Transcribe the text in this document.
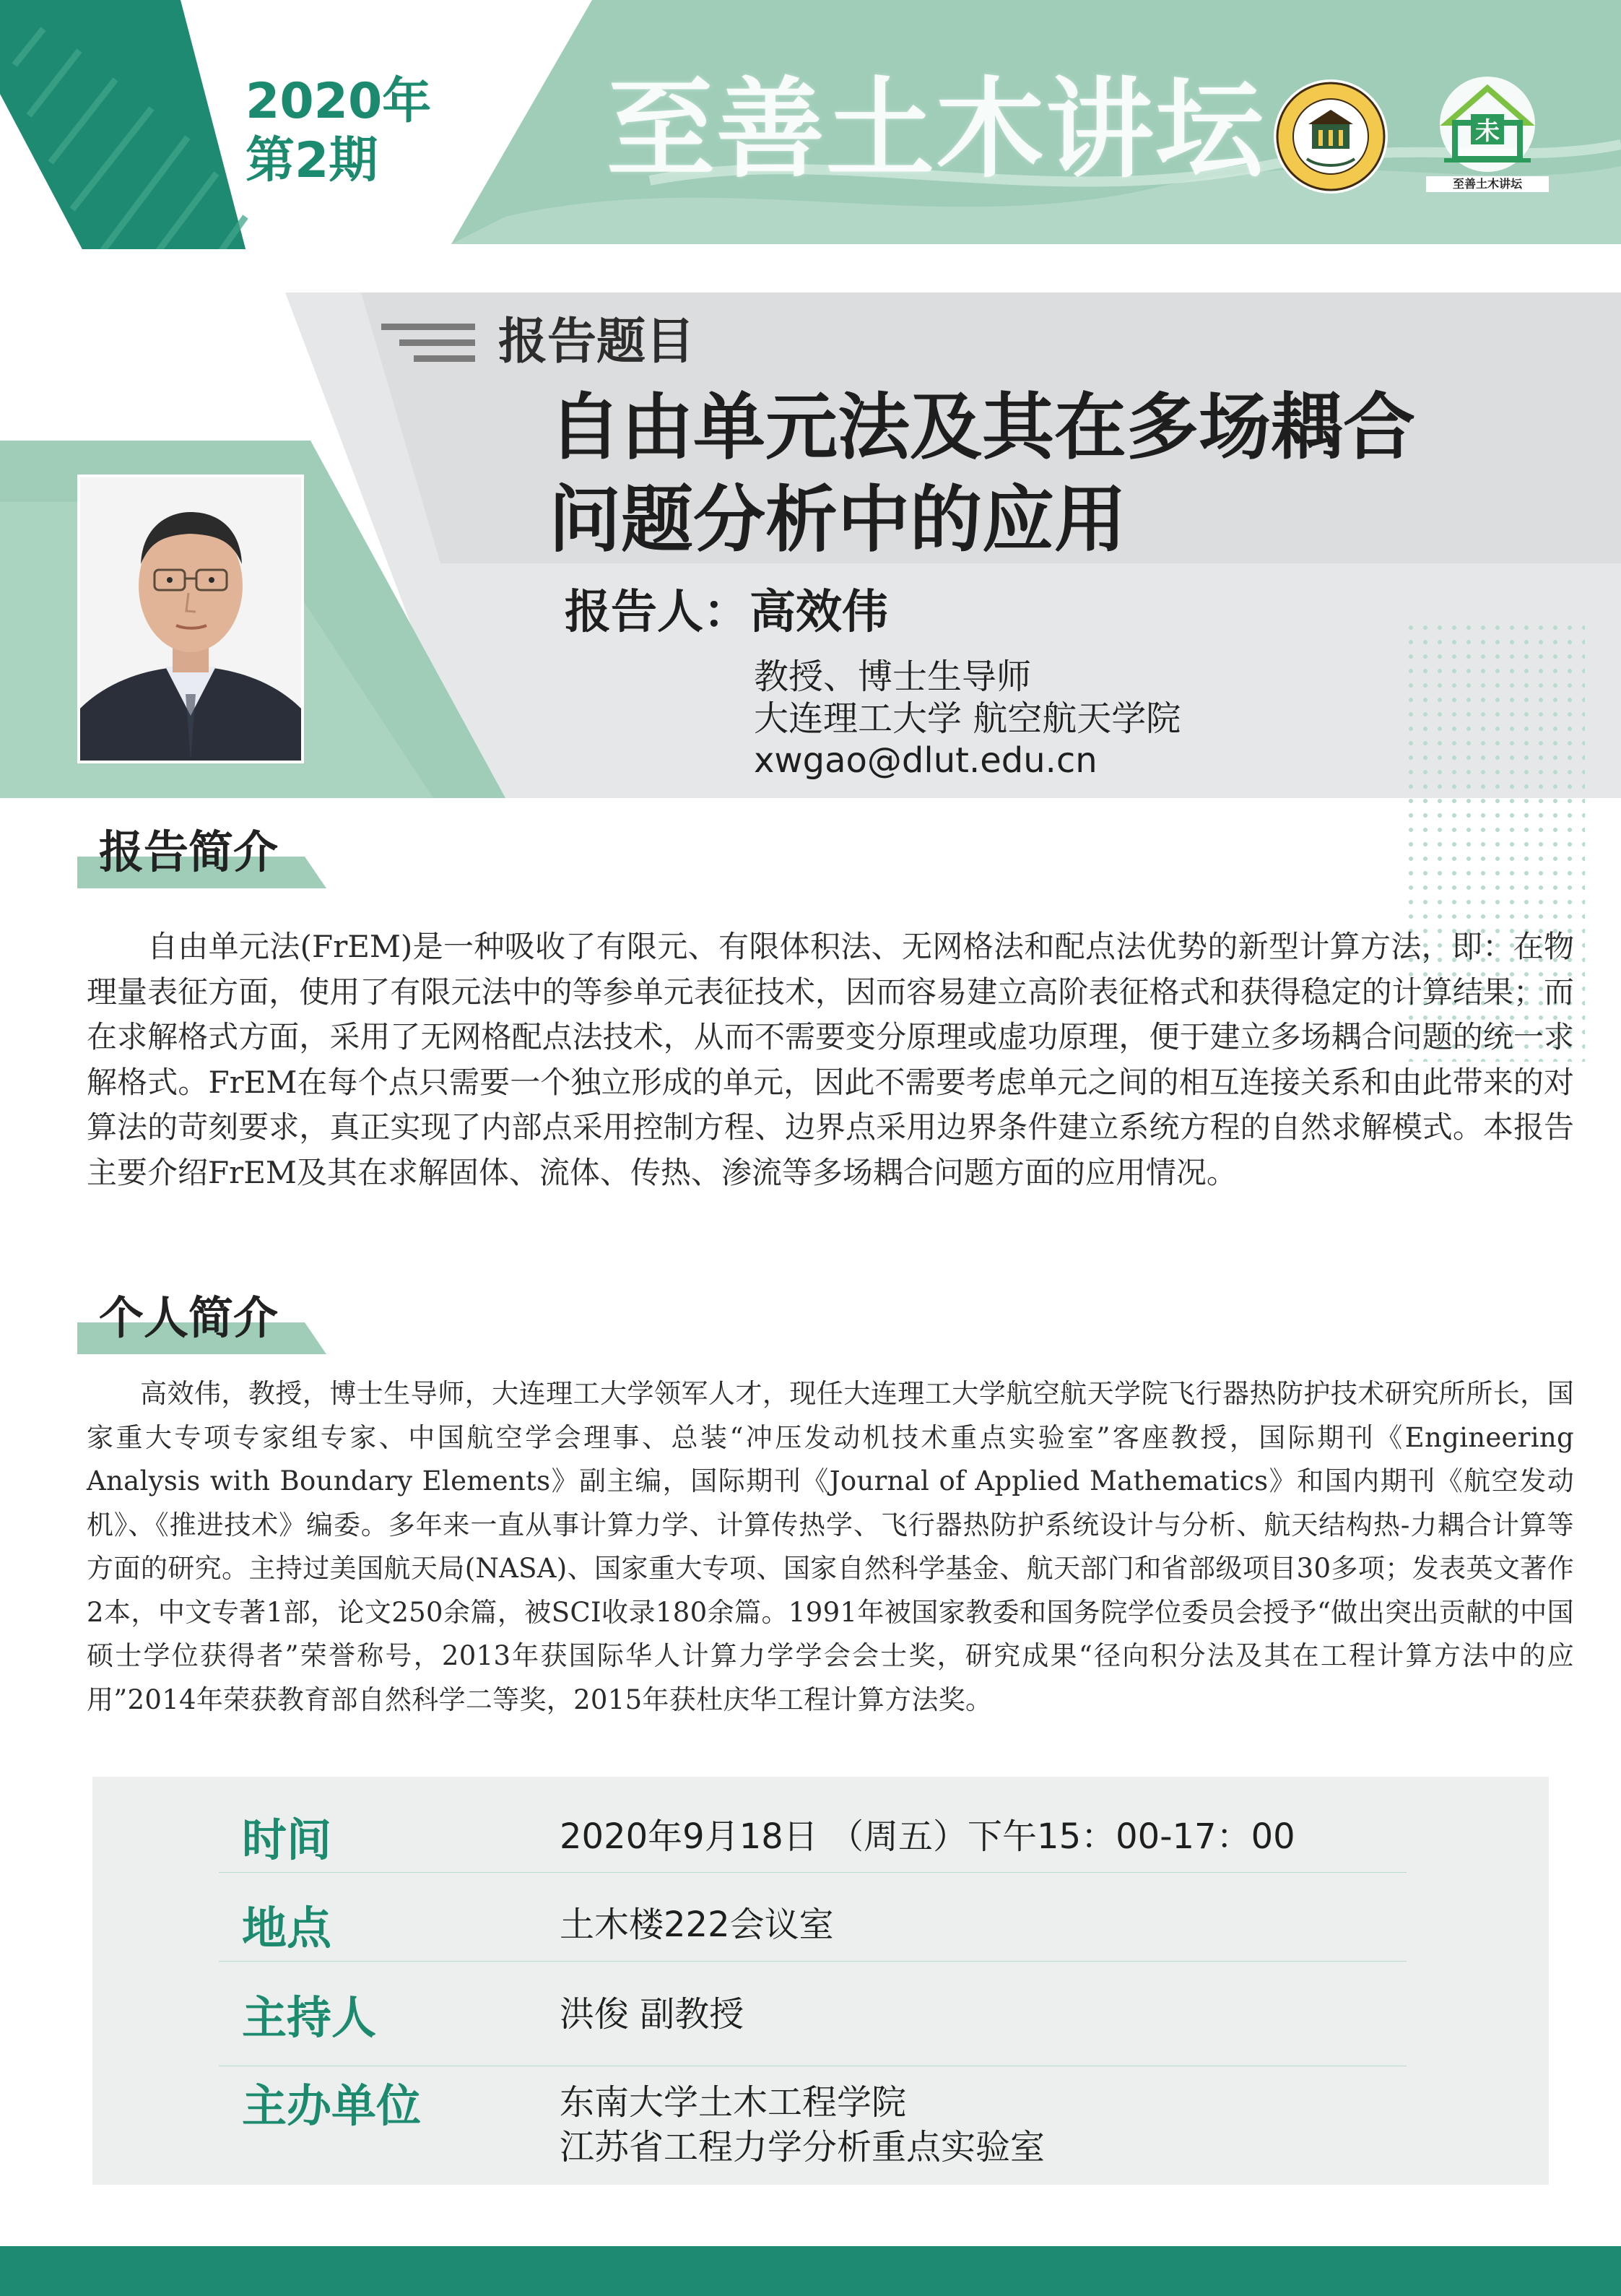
2020年
第2期	至善土木讲坛	未
至善土木讲坛
报告题目
自由单元法及其在多场耦合
问题分析中的应用
报告人：高效伟
教授、博士生导师
大连理工大学 航空航天学院
xwgao@dlut.edu.cn
报告简介
自由单元法(FrEM)是一种吸收了有限元、有限体积法、无网格法和配点法优势的新型计算方法，即：在物理量表征方面，使用了有限元法中的等参单元表征技术，因而容易建立高阶表征格式和获得稳定的计算结果；而在求解格式方面，采用了无网格配点法技术，从而不需要变分原理或虚功原理，便于建立多场耦合问题的统一求解格式。FrEM在每个点只需要一个独立形成的单元，因此不需要考虑单元之间的相互连接关系和由此带来的对算法的苛刻要求，真正实现了内部点采用控制方程、边界点采用边界条件建立系统方程的自然求解模式。本报告主要介绍FrEM及其在求解固体、流体、传热、渗流等多场耦合问题方面的应用情况。
个人简介
高效伟，教授，博士生导师，大连理工大学领军人才，现任大连理工大学航空航天学院飞行器热防护技术研究所所长，国家重大专项专家组专家、中国航空学会理事、总装“冲压发动机技术重点实验室”客座教授，国际期刊《Engineering Analysis with Boundary Elements》副主编，国际期刊《Journal of Applied Mathematics》和国内期刊《航空发动机》、《推进技术》编委。多年来一直从事计算力学、计算传热学、飞行器热防护系统设计与分析、航天结构热-力耦合计算等方面的研究。主持过美国航天局(NASA)、国家重大专项、国家自然科学基金、航天部门和省部级项目30多项；发表英文著作2本，中文专著1部，论文250余篇，被SCI收录180余篇。1991年被国家教委和国务院学位委员会授予“做出突出贡献的中国硕士学位获得者”荣誉称号，2013年获国际华人计算力学学会会士奖，研究成果“径向积分法及其在工程计算方法中的应用”2014年荣获教育部自然科学二等奖，2015年获杜庆华工程计算方法奖。
时间	2020年9月18日 （周五）下午15：00-17：00
地点	土木楼222会议室
主持人	洪俊 副教授
主办单位	东南大学土木工程学院
江苏省工程力学分析重点实验室
